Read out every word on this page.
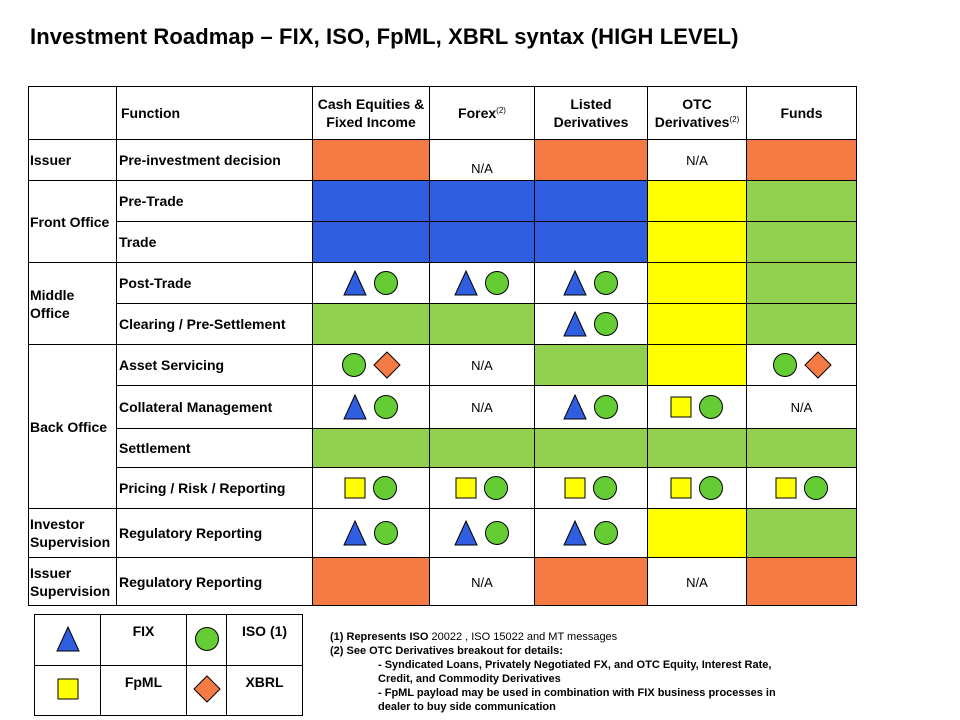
Investment Roadmap – FIX, ISO, FpML, XBRL syntax (HIGH LEVEL)
	Function	Cash Equities &
Fixed Income	Forex$^{(2)}$	Listed
Derivatives	OTC
Derivatives$^{(2)}$	Funds
Issuer	Pre-investment decision		N/A		N/A	
Front Office	Pre-Trade					
	Trade					
Middle
Office	Post-Trade	

	Clearing / Pre-Settlement			

Back Office	Asset Servicing		N/A			

	Collateral Management		N/A			N/A
	Settlement					
	Pricing / Risk / Reporting	

Investor
Supervision	Regulatory Reporting	

Issuer
Supervision	Regulatory Reporting		N/A		N/A	
	FIX		ISO (1)
	FpML		XBRL
(1) Represents ISO 20022 , ISO 15022 and MT messages
(2) See OTC Derivatives breakout for details:
- Syndicated Loans, Privately Negotiated FX, and OTC Equity, Interest Rate,
Credit, and Commodity Derivatives
- FpML payload may be used in combination with FIX business processes in
dealer to buy side communication
